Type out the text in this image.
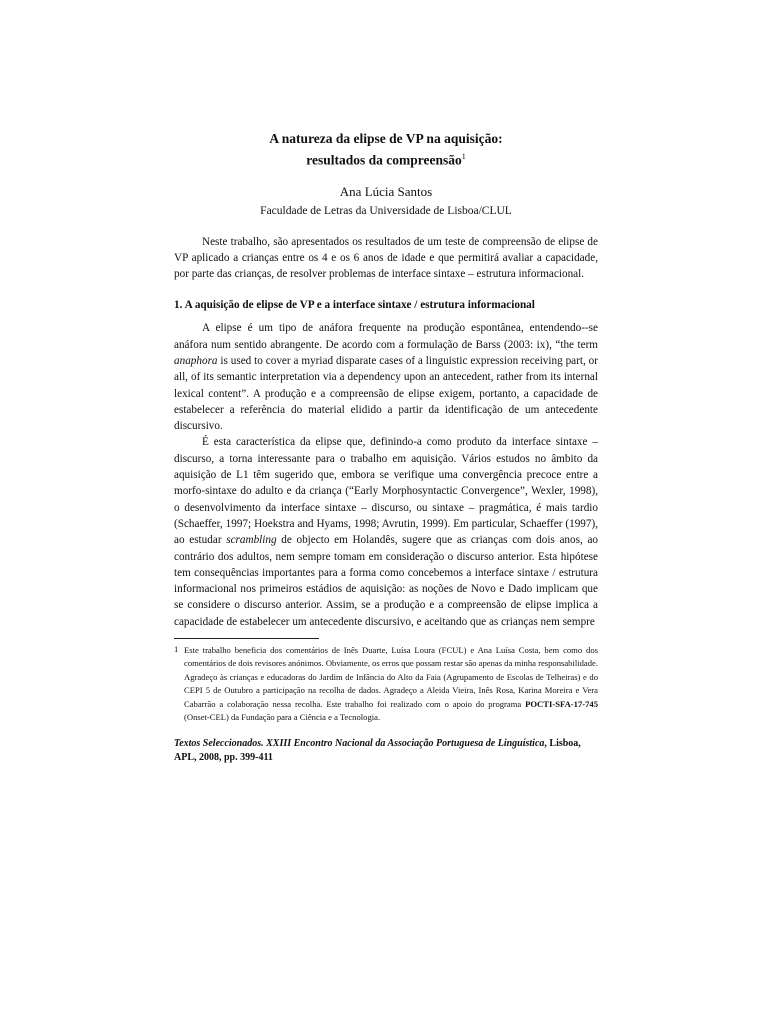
A natureza da elipse de VP na aquisição:
resultados da compreensão$^1$
Ana Lúcia Santos
Faculdade de Letras da Universidade de Lisboa/CLUL

Neste trabalho, são apresentados os resultados de um teste de compreensão de elipse de VP aplicado a crianças entre os 4 e os 6 anos de idade e que permitirá avaliar a capacidade, por parte das crianças, de resolver problemas de interface sintaxe – estrutura informacional.

1. A aquisição de elipse de VP e a interface sintaxe / estrutura informacional

A elipse é um tipo de anáfora frequente na produção espontânea, entendendo--se anáfora num sentido abrangente. De acordo com a formulação de Barss (2003: ix), “the term anaphora is used to cover a myriad disparate cases of a linguistic expression receiving part, or all, of its semantic interpretation via a dependency upon an antecedent, rather from its internal lexical content”. A produção e a compreensão de elipse exigem, portanto, a capacidade de estabelecer a referência do material elidido a partir da identificação de um antecedente discursivo.

É esta característica da elipse que, definindo-a como produto da interface sintaxe – discurso, a torna interessante para o trabalho em aquisição. Vários estudos no âmbito da aquisição de L1 têm sugerido que, embora se verifique uma convergência precoce entre a morfo-sintaxe do adulto e da criança (“Early Morphosyntactic Convergence”, Wexler, 1998), o desenvolvimento da interface sintaxe – discurso, ou sintaxe – pragmática, é mais tardio (Schaeffer, 1997; Hoekstra and Hyams, 1998; Avrutin, 1999). Em particular, Schaeffer (1997), ao estudar scrambling de objecto em Holandês, sugere que as crianças com dois anos, ao contrário dos adultos, nem sempre tomam em consideração o discurso anterior. Esta hipótese tem consequências importantes para a forma como concebemos a interface sintaxe / estrutura informacional nos primeiros estádios de aquisição: as noções de Novo e Dado implicam que se considere o discurso anterior. Assim, se a produção e a compreensão de elipse implica a capacidade de estabelecer um antecedente discursivo, e aceitando que as crianças nem sempre

1 Este trabalho beneficia dos comentários de Inês Duarte, Luísa Loura (FCUL) e Ana Luísa Costa, bem como dos comentários de dois revisores anónimos. Obviamente, os erros que possam restar são apenas da minha responsabilidade. Agradeço às crianças e educadoras do Jardim de Infância do Alto da Faia (Agrupamento de Escolas de Telheiras) e do CEPI 5 de Outubro a participação na recolha de dados. Agradeço a Aleida Vieira, Inês Rosa, Karina Moreira e Vera Cabarrão a colaboração nessa recolha. Este trabalho foi realizado com o apoio do programa POCTI-SFA-17-745 (Onset-CEL) da Fundação para a Ciência e a Tecnologia.
Textos Seleccionados. XXIII Encontro Nacional da Associação Portuguesa de Linguística, Lisboa, APL, 2008, pp. 399-411
